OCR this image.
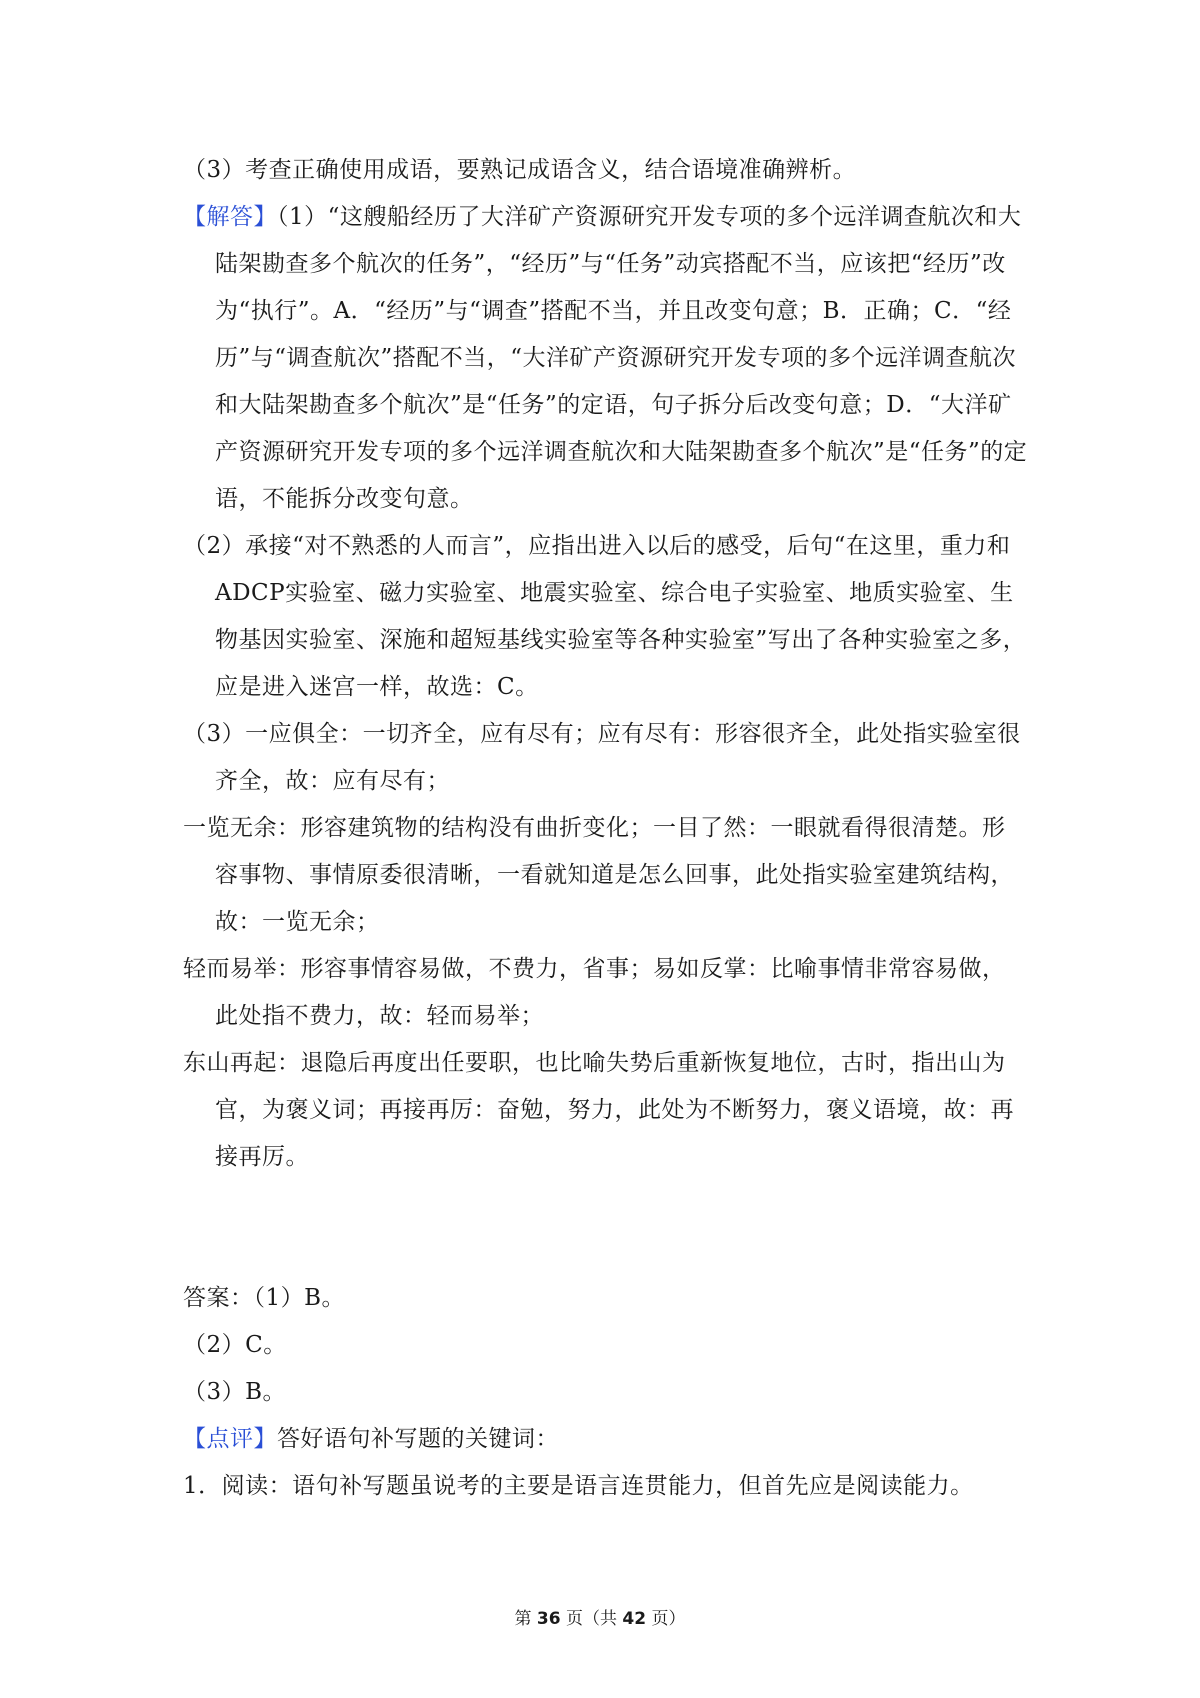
（3）考查正确使用成语，要熟记成语含义，结合语境准确辨析。

【解答】（1）“这艘船经历了大洋矿产资源研究开发专项的多个远洋调查航次和大陆架勘查多个航次的任务”，“经历”与“任务”动宾搭配不当，应该把“经历”改为“执行”。A．“经历”与“调查”搭配不当，并且改变句意；B．正确；C．“经历”与“调查航次”搭配不当，“大洋矿产资源研究开发专项的多个远洋调查航次和大陆架勘查多个航次”是“任务”的定语，句子拆分后改变句意；D．“大洋矿产资源研究开发专项的多个远洋调查航次和大陆架勘查多个航次”是“任务”的定语，不能拆分改变句意。

（2）承接“对不熟悉的人而言”，应指出进入以后的感受，后句“在这里，重力和ADCP实验室、磁力实验室、地震实验室、综合电子实验室、地质实验室、生物基因实验室、深施和超短基线实验室等各种实验室”写出了各种实验室之多，应是进入迷宫一样，故选：C。

（3）一应俱全：一切齐全，应有尽有；应有尽有：形容很齐全，此处指实验室很齐全，故：应有尽有；

一览无余：形容建筑物的结构没有曲折变化；一目了然：一眼就看得很清楚。形容事物、事情原委很清晰，一看就知道是怎么回事，此处指实验室建筑结构，故：一览无余；

轻而易举：形容事情容易做，不费力，省事；易如反掌：比喻事情非常容易做，此处指不费力，故：轻而易举；

东山再起：退隐后再度出任要职，也比喻失势后重新恢复地位，古时，指出山为官，为褒义词；再接再厉：奋勉，努力，此处为不断努力，褒义语境，故：再接再厉。

答案：（1）B。

（2）C。

（3）B。

【点评】答好语句补写题的关键词：

1．阅读：语句补写题虽说考的主要是语言连贯能力，但首先应是阅读能力。

第 36 页（共 42 页）
